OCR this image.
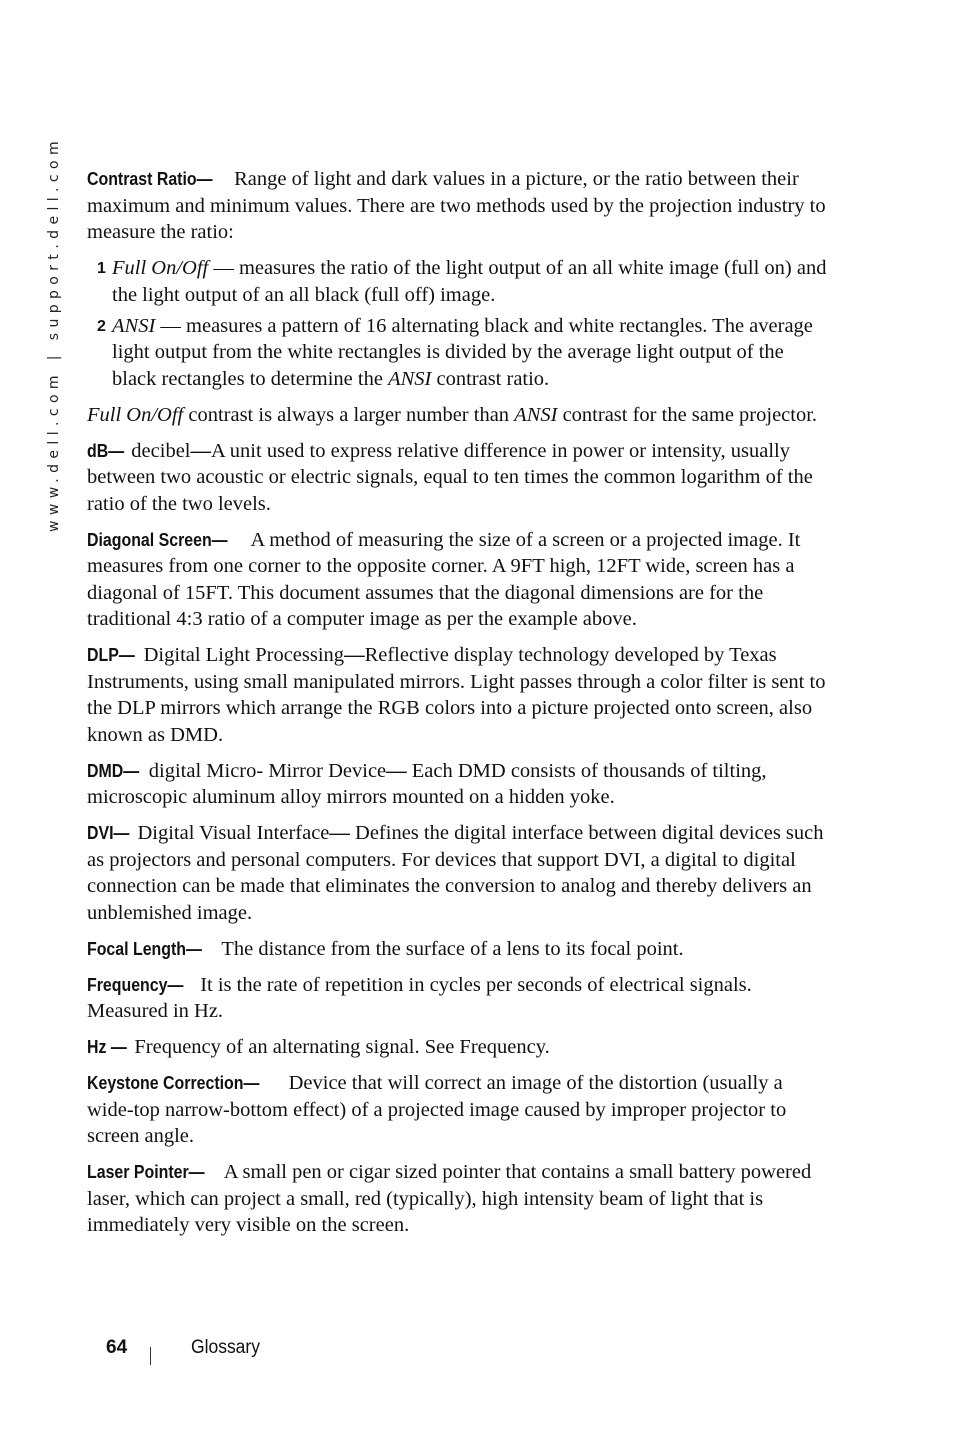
www.dell.com | support.dell.com Contrast Ratio— Range of light and dark values in a picture, or the ratio between their maximum and minimum values. There are two methods used by the projection industry to measure the ratio:

1 Full On/Off — measures the ratio of the light output of an all white image (full on) and the light output of an all black (full off) image.
2 ANSI — measures a pattern of 16 alternating black and white rectangles. The average light output from the white rectangles is divided by the average light output of the black rectangles to determine the ANSI contrast ratio.

Full On/Off contrast is always a larger number than ANSI contrast for the same projector.

dB— decibel—A unit used to express relative difference in power or intensity, usually between two acoustic or electric signals, equal to ten times the common logarithm of the ratio of the two levels.

Diagonal Screen— A method of measuring the size of a screen or a projected image. It measures from one corner to the opposite corner. A 9FT high, 12FT wide, screen has a diagonal of 15FT. This document assumes that the diagonal dimensions are for the traditional 4:3 ratio of a computer image as per the example above.

DLP— Digital Light Processing—Reflective display technology developed by Texas Instruments, using small manipulated mirrors. Light passes through a color filter is sent to the DLP mirrors which arrange the RGB colors into a picture projected onto screen, also known as DMD.

DMD— digital Micro- Mirror Device— Each DMD consists of thousands of tilting, microscopic aluminum alloy mirrors mounted on a hidden yoke.

DVI— Digital Visual Interface— Defines the digital interface between digital devices such as projectors and personal computers. For devices that support DVI, a digital to digital connection can be made that eliminates the conversion to analog and thereby delivers an unblemished image.

Focal Length— The distance from the surface of a lens to its focal point.

Frequency— It is the rate of repetition in cycles per seconds of electrical signals. Measured in Hz.

Hz — Frequency of an alternating signal. See Frequency.

Keystone Correction— Device that will correct an image of the distortion (usually a wide-top narrow-bottom effect) of a projected image caused by improper projector to screen angle.

Laser Pointer— A small pen or cigar sized pointer that contains a small battery powered laser, which can project a small, red (typically), high intensity beam of light that is immediately very visible on the screen.

64	Glossary
